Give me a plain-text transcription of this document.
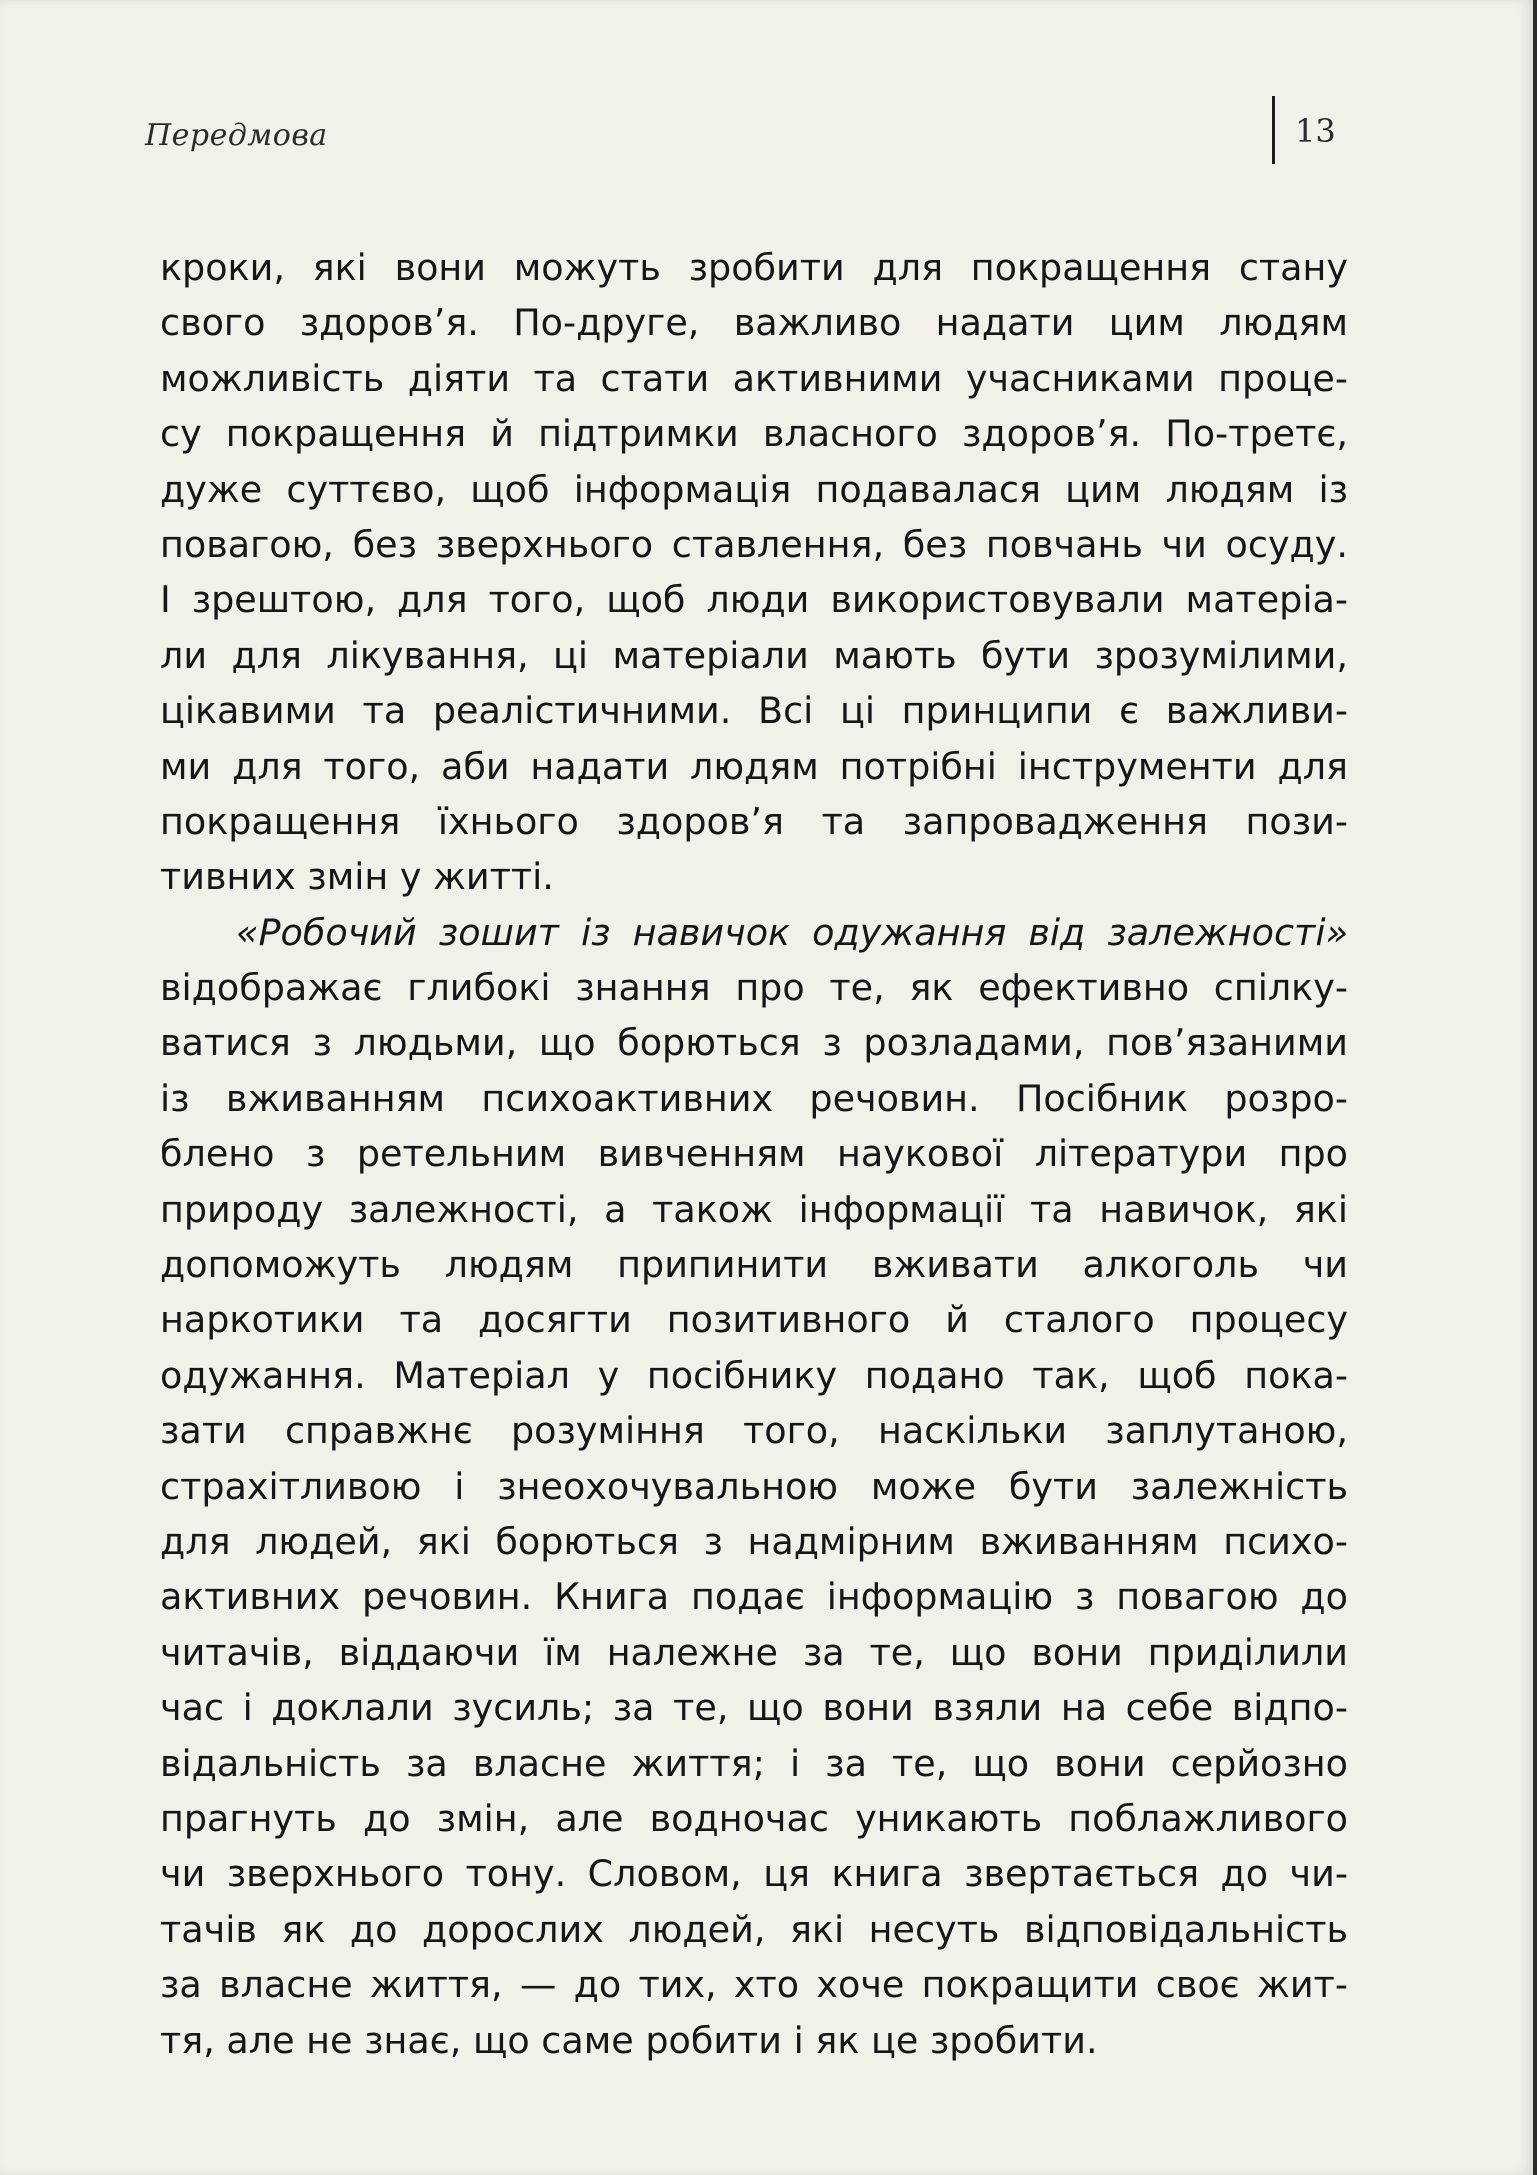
Передмова	13
кроки, які вони можуть зробити для покращення стану
свого здоров’я. По-друге, важливо надати цим людям
можливість діяти та стати активними учасниками проце-
су покращення й підтримки власного здоров’я. По-третє,
дуже суттєво, щоб інформація подавалася цим людям із
повагою, без зверхнього ставлення, без повчань чи осуду.
І зрештою, для того, щоб люди використовували матеріа-
ли для лікування, ці матеріали мають бути зрозумілими,
цікавими та реалістичними. Всі ці принципи є важливи-
ми для того, аби надати людям потрібні інструменти для
покращення їхнього здоров’я та запровадження пози-
тивних змін у житті.
«Робочий зошит із навичок одужання від залежності»
відображає глибокі знання про те, як ефективно спілку-
ватися з людьми, що борються з розладами, пов’язаними
із вживанням психоактивних речовин. Посібник розро-
блено з ретельним вивченням наукової літератури про
природу залежності, а також інформації та навичок, які
допоможуть людям припинити вживати алкоголь чи
наркотики та досягти позитивного й сталого процесу
одужання. Матеріал у посібнику подано так, щоб пока-
зати справжнє розуміння того, наскільки заплутаною,
страхітливою і знеохочувальною може бути залежність
для людей, які борються з надмірним вживанням психо-
активних речовин. Книга подає інформацію з повагою до
читачів, віддаючи їм належне за те, що вони приділили
час і доклали зусиль; за те, що вони взяли на себе відпо-
відальність за власне життя; і за те, що вони серйозно
прагнуть до змін, але водночас уникають поблажливого
чи зверхнього тону. Словом, ця книга звертається до чи-
тачів як до дорослих людей, які несуть відповідальність
за власне життя, — до тих, хто хоче покращити своє жит-
тя, але не знає, що саме робити і як це зробити.
